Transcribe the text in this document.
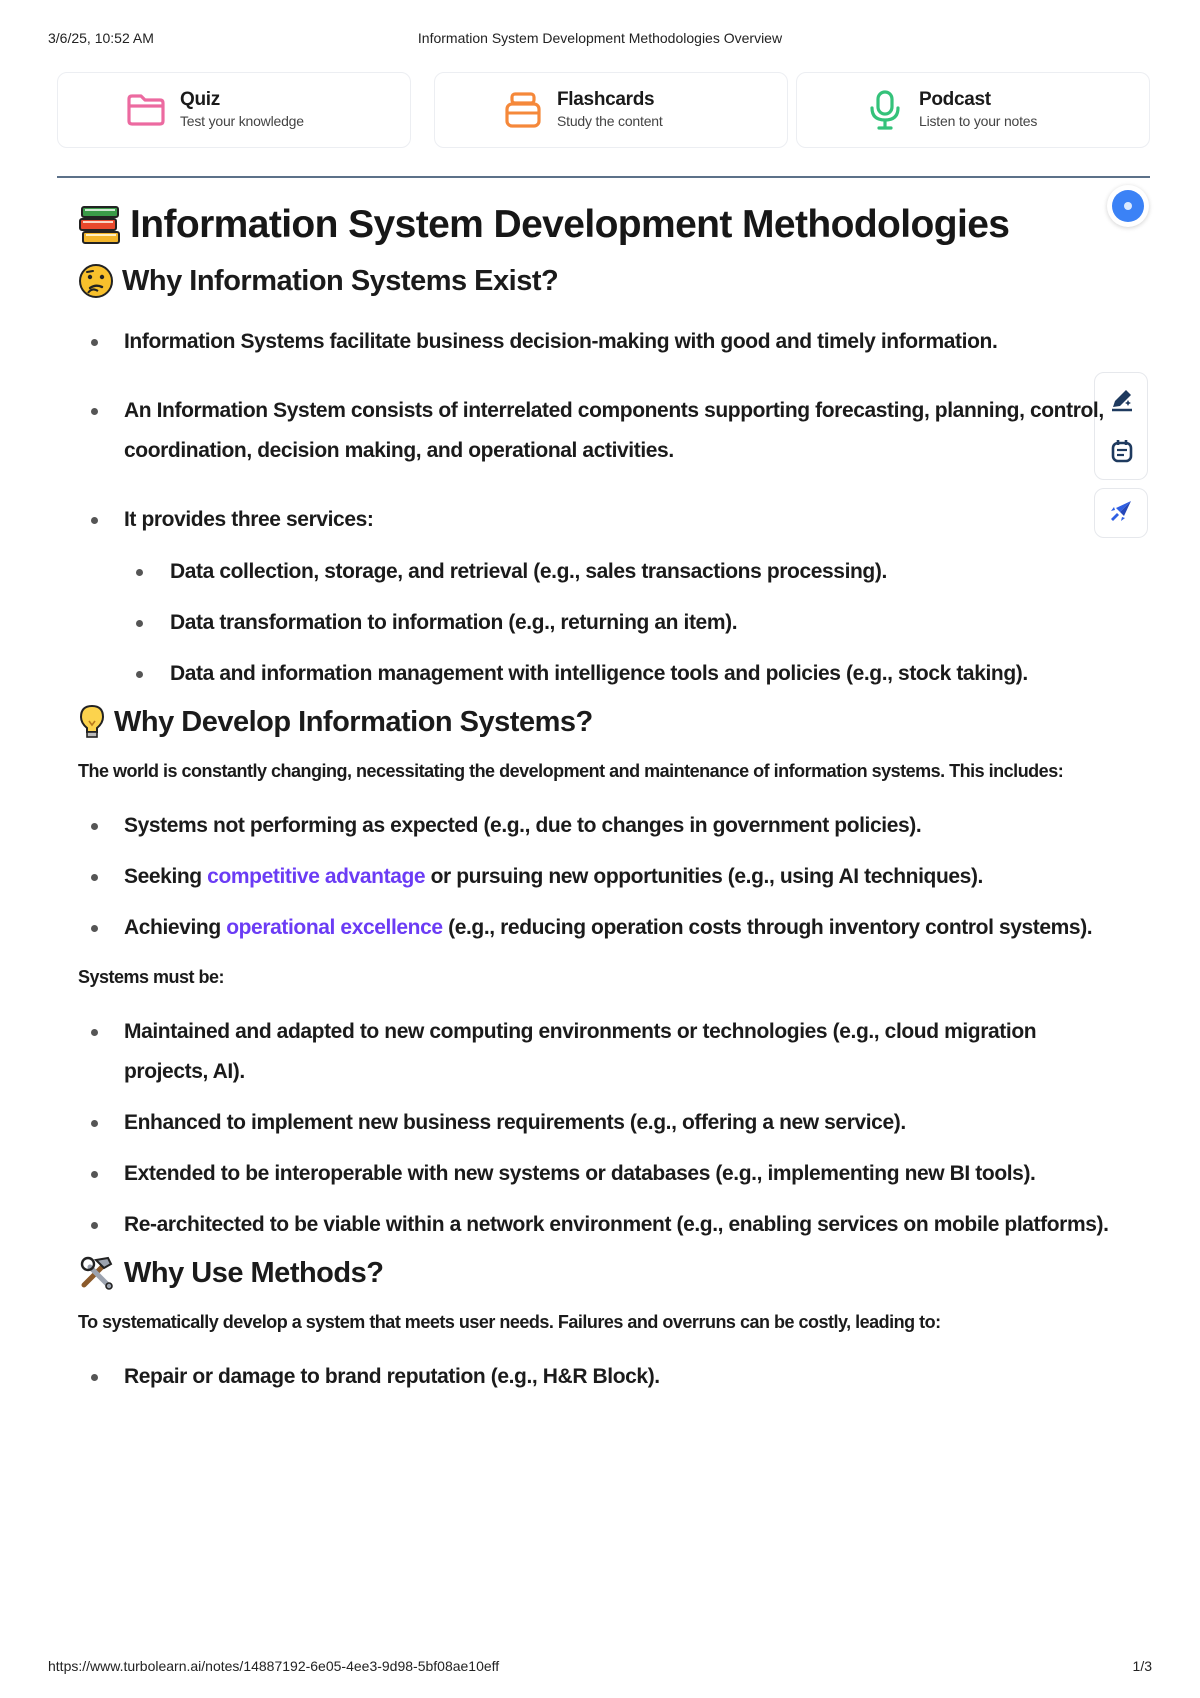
3/6/25, 10:52 AM	Information System Development Methodologies Overview
Quiz
Test your knowledge
Flashcards
Study the content
Podcast
Listen to your notes
Information System Development Methodologies
Why Information Systems Exist?
Information Systems facilitate business decision-making with good and timely information.
An Information System consists of interrelated components supporting forecasting, planning, control, coordination, decision making, and operational activities.
It provides three services:
Data collection, storage, and retrieval (e.g., sales transactions processing).
Data transformation to information (e.g., returning an item).
Data and information management with intelligence tools and policies (e.g., stock taking).
Why Develop Information Systems?

The world is constantly changing, necessitating the development and maintenance of information systems. This includes:

Systems not performing as expected (e.g., due to changes in government policies).
Seeking competitive advantage or pursuing new opportunities (e.g., using AI techniques).
Achieving operational excellence (e.g., reducing operation costs through inventory control systems).

Systems must be:

Maintained and adapted to new computing environments or technologies (e.g., cloud migration projects, AI).
Enhanced to implement new business requirements (e.g., offering a new service).
Extended to be interoperable with new systems or databases (e.g., implementing new BI tools).
Re-architected to be viable within a network environment (e.g., enabling services on mobile platforms).
Why Use Methods?

To systematically develop a system that meets user needs. Failures and overruns can be costly, leading to:

Repair or damage to brand reputation (e.g., H&R Block).
https://www.turbolearn.ai/notes/14887192-6e05-4ee3-9d98-5bf08ae10eff	1/3
